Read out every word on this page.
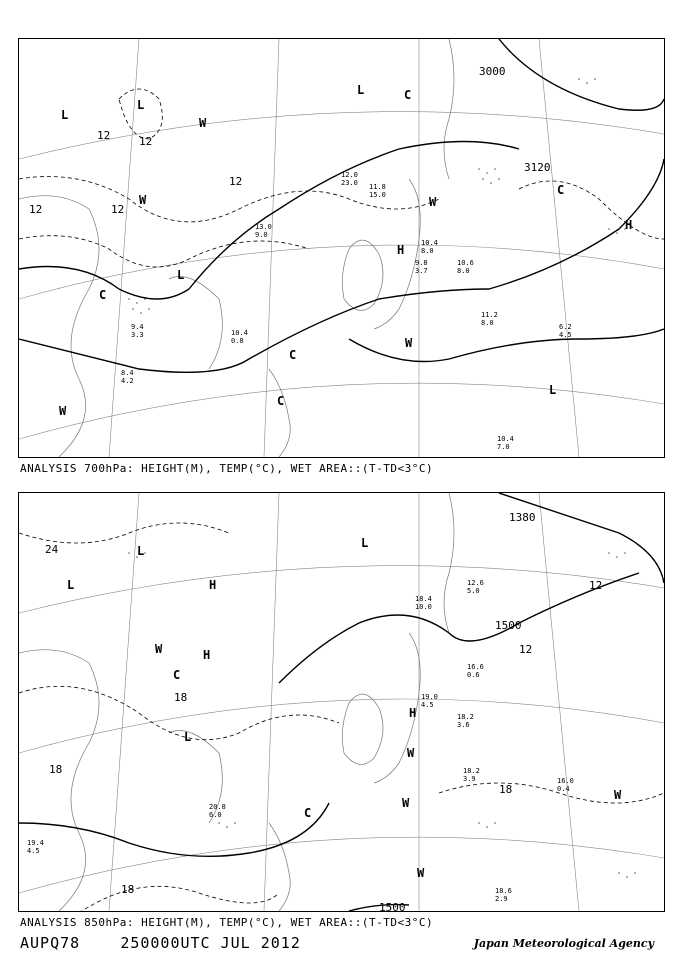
3000
3120
12	12
12	12
12
L
L
L
L
L
H
H
C
C
C
C
C
W
W
W
W
W
10.4 7.0
11.2 8.0	6.2 4.5
9.4 3.3
8.4 4.2
12.0 23.0 11.8 15.0
10.4 8.0
10.6 8.0
9.8 3.7
13.0 9.0
10.4 0.8
ANALYSIS 700hPa: HEIGHT(M), TEMP(°C), WET AREA::(T-TD<3°C)
1500
1500
1380
24
18
18
18
18
12
12
L
L
L
L
H
H
H
C
C
W
W
W
W
W
18.6 2.9
18.2 3.9	16.0 0.4
19.4 4.5
20.8 6.0
19.0 4.5
18.2 3.6
18.4 10.0
12.6 5.0
16.6 0.6
ANALYSIS 850hPa: HEIGHT(M), TEMP(°C), WET AREA::(T-TD<3°C)
AUPQ78	250000UTC JUL 2012	Japan Meteorological Agency
